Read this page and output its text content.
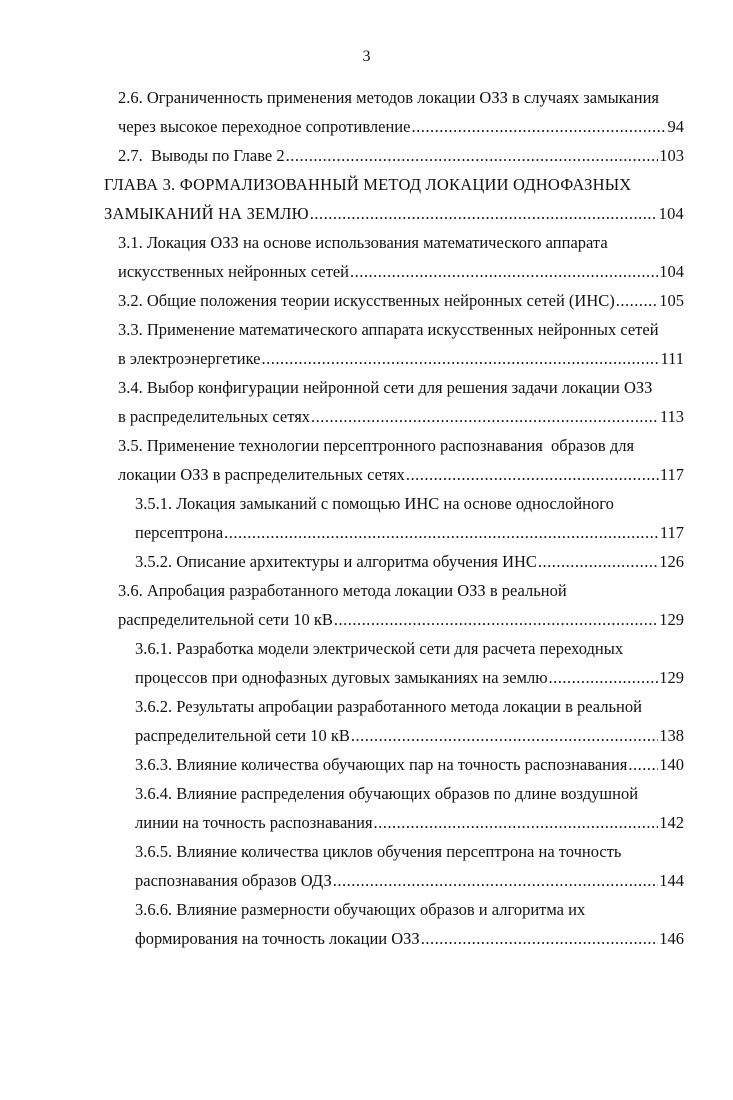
3
2.6. Ограниченность применения методов локации ОЗЗ в случаях замыкания
через высокое переходное сопротивление .....	94
2.7.  Выводы по Главе 2 .....	103
ГЛАВА 3. ФОРМАЛИЗОВАННЫЙ МЕТОД ЛОКАЦИИ ОДНОФАЗНЫХ
ЗАМЫКАНИЙ НА ЗЕМЛЮ .....	104
3.1. Локация ОЗЗ на основе использования математического аппарата
искусственных нейронных сетей .....	104
3.2. Общие положения теории искусственных нейронных сетей (ИНС) .....	105
3.3. Применение математического аппарата искусственных нейронных сетей
в электроэнергетике .....	111
3.4. Выбор конфигурации нейронной сети для решения задачи локации ОЗЗ
в распределительных сетях .....	113
3.5. Применение технологии персептронного распознавания  образов для
локации ОЗЗ в распределительных сетях .....	117
3.5.1. Локация замыканий с помощью ИНС на основе однослойного
персептрона .....	117
3.5.2. Описание архитектуры и алгоритма обучения ИНС .....	126
3.6. Апробация разработанного метода локации ОЗЗ в реальной
распределительной сети 10 кВ .....	129
3.6.1. Разработка модели электрической сети для расчета переходных
процессов при однофазных дуговых замыканиях на землю .....	129
3.6.2. Результаты апробации разработанного метода локации в реальной
распределительной сети 10 кВ .....	138
3.6.3. Влияние количества обучающих пар на точность распознавания ..... 140
3.6.4. Влияние распределения обучающих образов по длине воздушной
линии на точность распознавания .....	142
3.6.5. Влияние количества циклов обучения персептрона на точность
распознавания образов ОДЗ .....	144
3.6.6. Влияние размерности обучающих образов и алгоритма их
формирования на точность локации ОЗЗ .....	146
